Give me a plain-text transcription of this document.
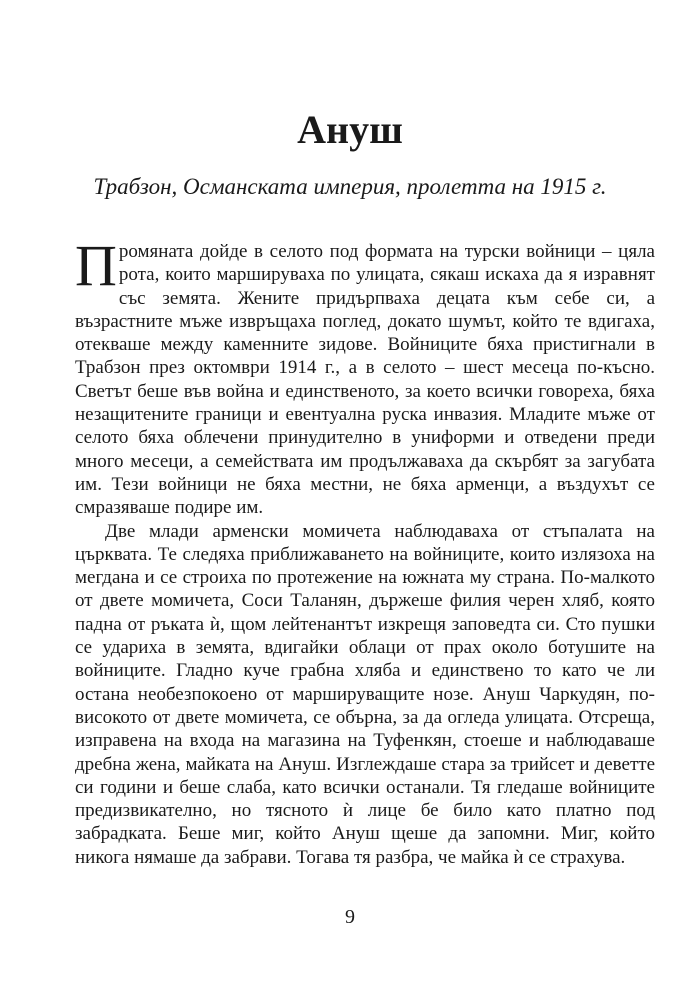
Ануш
Трабзон, Османската империя, пролетта на 1915 г.

Промяната дойде в селото под формата на турски войници – цяла рота, които маршируваха по улицата, сякаш искаха да я изравнят със земята. Жените придърпваха децата към себе си, а възрастните мъже извръщаха поглед, докато шумът, който те вдигаха, отекваше между каменните зидове. Войниците бяха пристигнали в Трабзон през октомври 1914 г., а в селото – шест месеца по-късно. Светът беше във война и единственото, за което всички говореха, бяха незащитените граници и евентуална руска инвазия. Младите мъже от селото бяха облечени принудително в униформи и отведени преди много месеци, а семействата им продължаваха да скърбят за загубата им. Тези войници не бяха местни, не бяха арменци, а въздухът се смразяваше подире им.

Две млади арменски момичета наблюдаваха от стъпалата на църквата. Те следяха приближаването на войниците, които излязоха на мегдана и се строиха по протежение на южната му страна. По-малкото от двете момичета, Соси Таланян, държеше филия черен хляб, която падна от ръката ѝ, щом лейтенантът изкрещя заповедта си. Сто пушки се удариха в земята, вдигайки облаци от прах около ботушите на войниците. Гладно куче грабна хляба и единствено то като че ли остана необезпокоено от маршируващите нозе. Ануш Чаркудян, по-високото от двете момичета, се обърна, за да огледа улицата. Отсреща, изправена на входа на магазина на Туфенкян, стоеше и наблюдаваше дребна жена, майката на Ануш. Изглеждаше стара за трийсет и деветте си години и беше слаба, като всички останали. Тя гледаше войниците предизвикателно, но тясното ѝ лице бе било като платно под забрадката. Беше миг, който Ануш щеше да запомни. Миг, който никога нямаше да забрави. Тогава тя разбра, че майка ѝ се страхува.

9
